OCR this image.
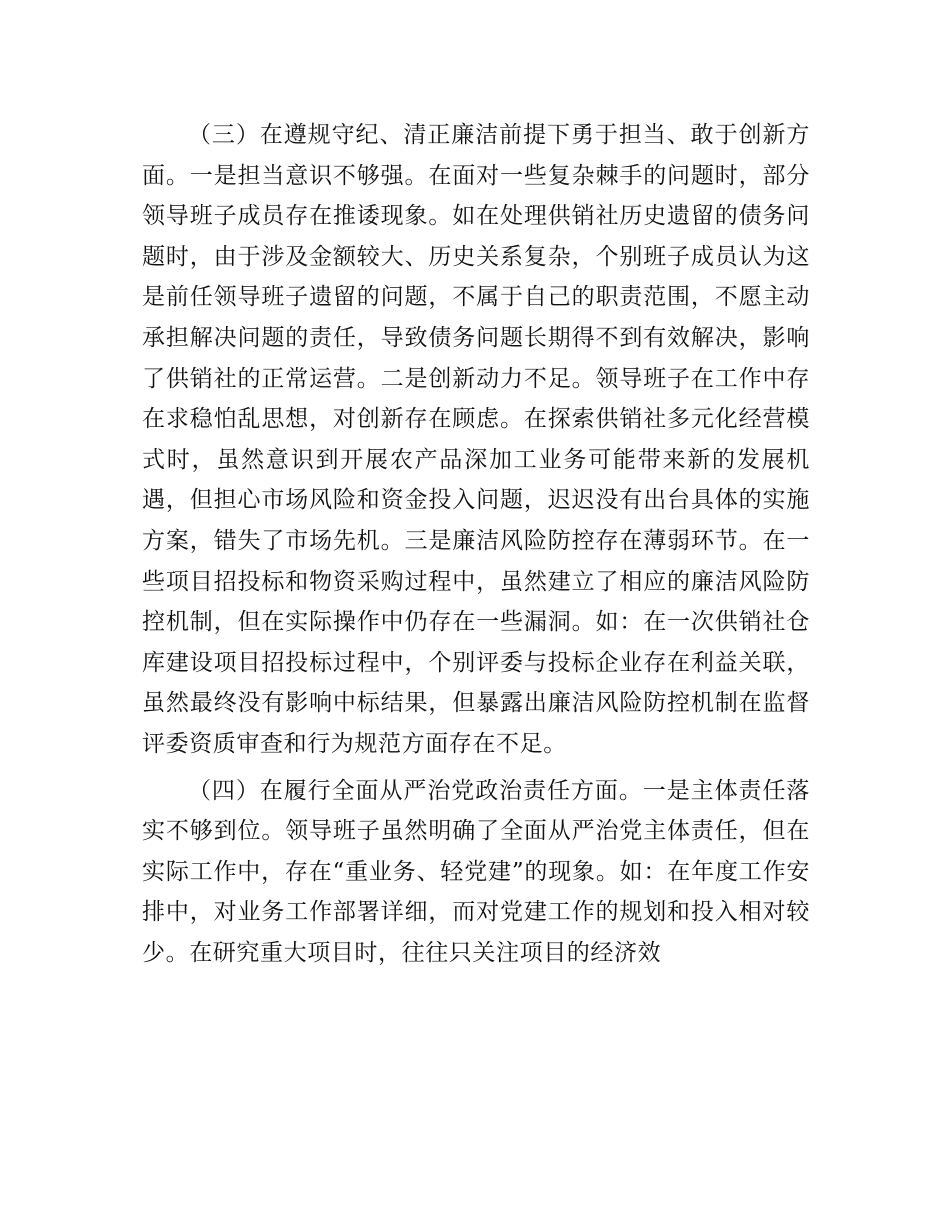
（三）在遵规守纪、清正廉洁前提下勇于担当、敢于创新方面。一是担当意识不够强。在面对一些复杂棘手的问题时，部分领导班子成员存在推诿现象。如在处理供销社历史遗留的债务问题时，由于涉及金额较大、历史关系复杂，个别班子成员认为这是前任领导班子遗留的问题，不属于自己的职责范围，不愿主动承担解决问题的责任，导致债务问题长期得不到有效解决，影响了供销社的正常运营。二是创新动力不足。领导班子在工作中存在求稳怕乱思想，对创新存在顾虑。在探索供销社多元化经营模式时，虽然意识到开展农产品深加工业务可能带来新的发展机遇，但担心市场风险和资金投入问题，迟迟没有出台具体的实施方案，错失了市场先机。三是廉洁风险防控存在薄弱环节。在一些项目招投标和物资采购过程中，虽然建立了相应的廉洁风险防控机制，但在实际操作中仍存在一些漏洞。如：在一次供销社仓库建设项目招投标过程中，个别评委与投标企业存在利益关联，虽然最终没有影响中标结果，但暴露出廉洁风险防控机制在监督评委资质审查和行为规范方面存在不足。

（四）在履行全面从严治党政治责任方面。一是主体责任落实不够到位。领导班子虽然明确了全面从严治党主体责任，但在实际工作中，存在“重业务、轻党建”的现象。如：在年度工作安排中，对业务工作部署详细，而对党建工作的规划和投入相对较少。在研究重大项目时，往往只关注项目的经济效
